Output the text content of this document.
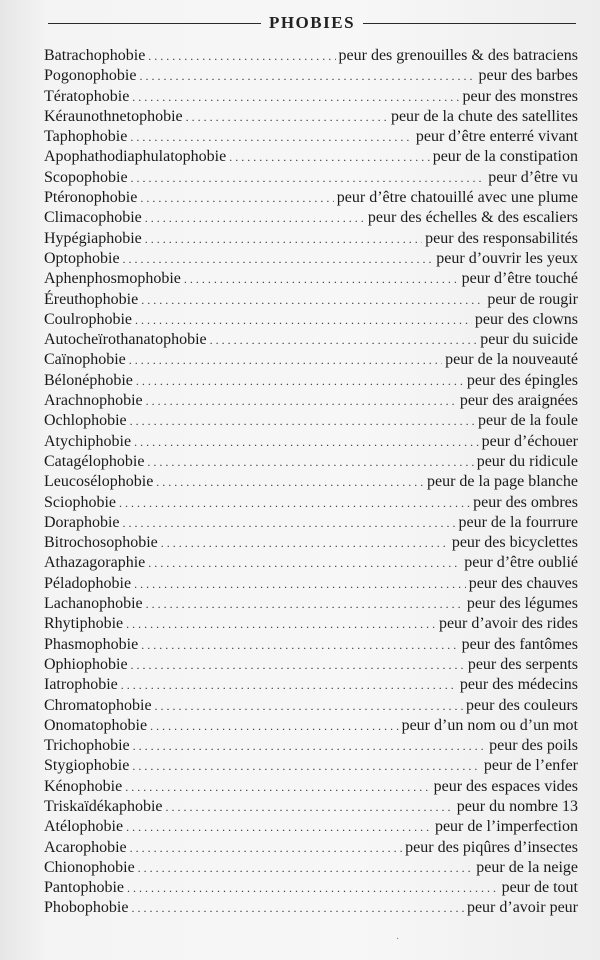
PHOBIES
Batrachophobie . . .	peur des grenouilles & des batraciens
Pogonophobie . . .	peur des barbes
Tératophobie . . .	peur des monstres
Kéraunothnetophobie . . .	peur de la chute des satellites
Taphophobie . . .	peur d’être enterré vivant
Apophathodiaphulatophobie . . .	peur de la constipation
Scopophobie . . .	peur d’être vu
Ptéronophobie . . .	peur d’être chatouillé avec une plume
Climacophobie . . .	peur des échelles & des escaliers
Hypégiaphobie . . .	peur des responsabilités
Optophobie . . .	peur d’ouvrir les yeux
Aphenphosmophobie . . .	peur d’être touché
Éreuthophobie . . .	peur de rougir
Coulrophobie . . .	peur des clowns
Autocheïrothanatophobie . . .	peur du suicide
Caïnophobie . . .	peur de la nouveauté
Bélonéphobie . . .	peur des épingles
Arachnophobie . . .	peur des araignées
Ochlophobie . . .	peur de la foule
Atychiphobie . . .	peur d’échouer
Catagélophobie . . .	peur du ridicule
Leucosélophobie . . .	peur de la page blanche
Sciophobie . . .	peur des ombres
Doraphobie . . .	peur de la fourrure
Bitrochosophobie . . .	peur des bicyclettes
Athazagoraphie . . .	peur d’être oublié
Péladophobie . . .	peur des chauves
Lachanophobie . . .	peur des légumes
Rhytiphobie . . .	peur d’avoir des rides
Phasmophobie . . .	peur des fantômes
Ophiophobie . . .	peur des serpents
Iatrophobie . . .	peur des médecins
Chromatophobie . . .	peur des couleurs
Onomatophobie . . .	peur d’un nom ou d’un mot
Trichophobie . . .	peur des poils
Stygiophobie . . .	peur de l’enfer
Kénophobie . . .	peur des espaces vides
Triskaïdékaphobie . . .	peur du nombre 13
Atélophobie . . .	peur de l’imperfection
Acarophobie . . .	peur des piqûres d’insectes
Chionophobie . . .	peur de la neige
Pantophobie . . .	peur de tout
Phobophobie . . .	peur d’avoir peur
·
